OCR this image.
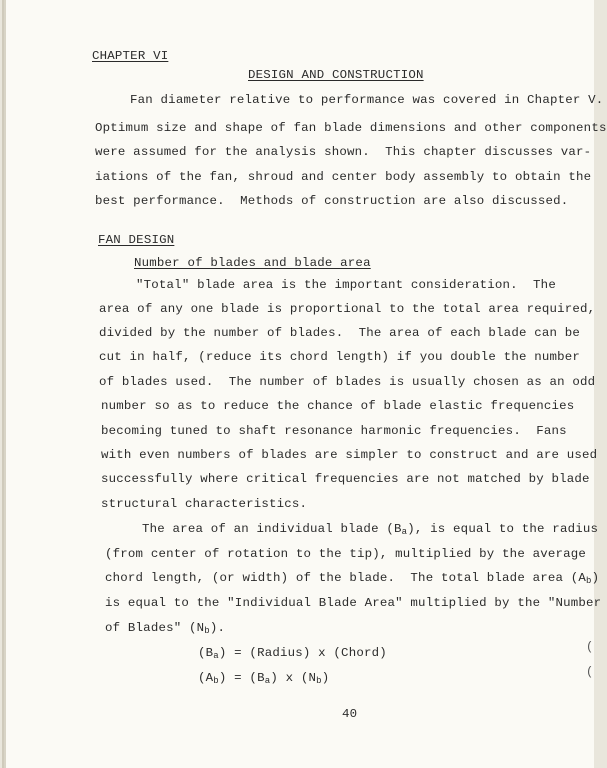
CHAPTER VI
DESIGN AND CONSTRUCTION
Fan diameter relative to performance was covered in Chapter V.
Optimum size and shape of fan blade dimensions and other components
were assumed for the analysis shown.  This chapter discusses var-
iations of the fan, shroud and center body assembly to obtain the
best performance.  Methods of construction are also discussed.
FAN DESIGN
Number of blades and blade area
"Total" blade area is the important consideration.  The
area of any one blade is proportional to the total area required,
divided by the number of blades.  The area of each blade can be
cut in half, (reduce its chord length) if you double the number
of blades used.  The number of blades is usually chosen as an odd
number so as to reduce the chance of blade elastic frequencies
becoming tuned to shaft resonance harmonic frequencies.  Fans
with even numbers of blades are simpler to construct and are used
successfully where critical frequencies are not matched by blade
structural characteristics.
The area of an individual blade $(B_a)$, is equal to the radius
(from center of rotation to the tip), multiplied by the average
chord length, (or width) of the blade.  The total blade area $(A_b)$
is equal to the "Individual Blade Area" multiplied by the "Number
of Blades" $(N_b)$.
$(B_a)$ = (Radius) x (Chord)
$(A_b) = (B_a)$ x $(N_b)$
(
(
40
